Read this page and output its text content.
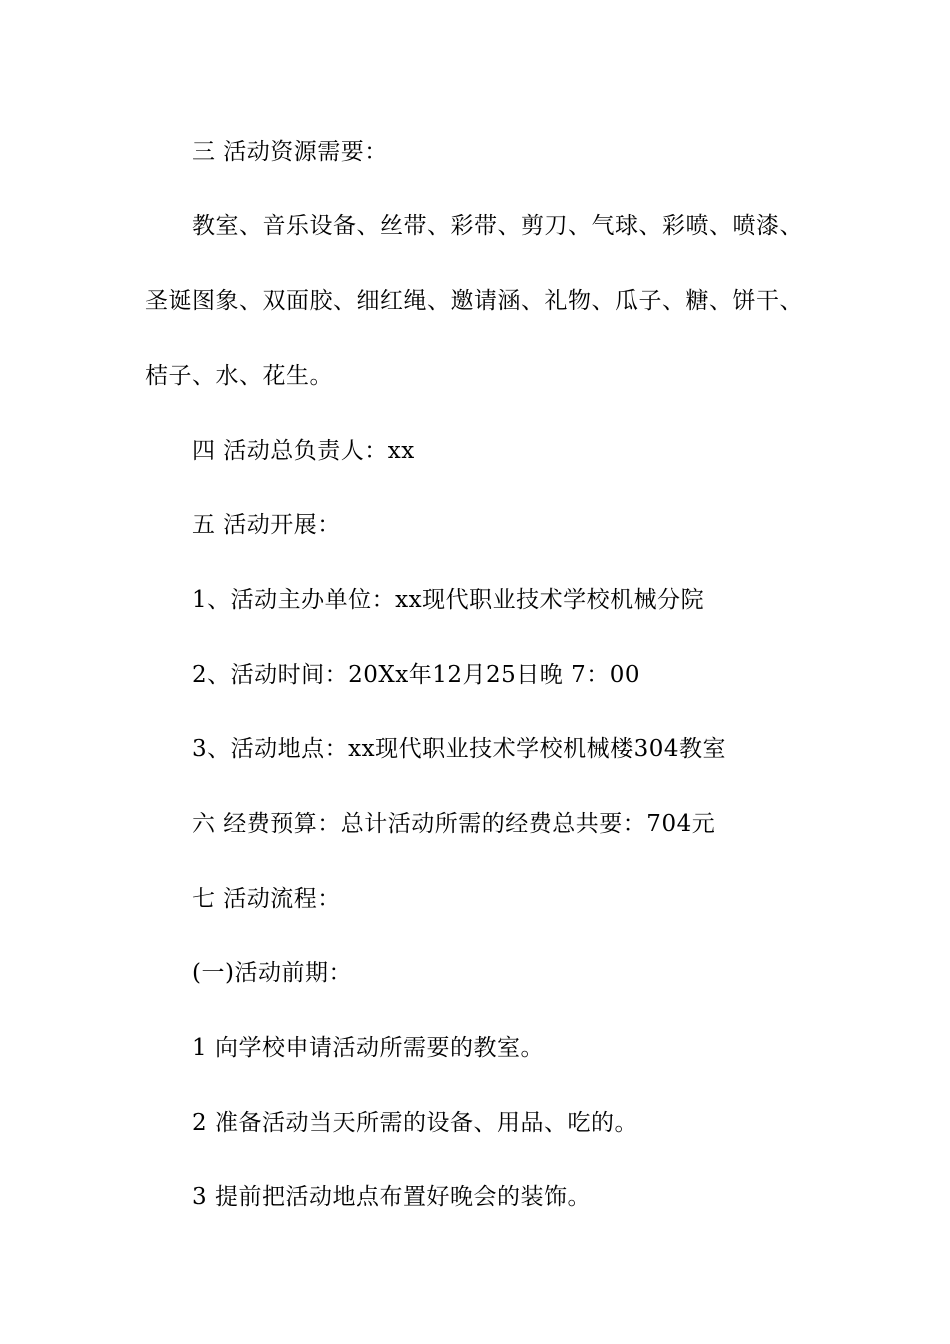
三 活动资源需要：
教室、音乐设备、丝带、彩带、剪刀、气球、彩喷、喷漆、
圣诞图象、双面胶、细红绳、邀请涵、礼物、瓜子、糖、饼干、
桔子、水、花生。
四 活动总负责人：xx
五 活动开展：
1、活动主办单位：xx现代职业技术学校机械分院
2、活动时间：20Xx年12月25日晚 7：00
3、活动地点：xx现代职业技术学校机械楼304教室
六 经费预算：总计活动所需的经费总共要：704元
七 活动流程：
(一)活动前期：
1 向学校申请活动所需要的教室。
2 准备活动当天所需的设备、用品、吃的。
3 提前把活动地点布置好晚会的装饰。
